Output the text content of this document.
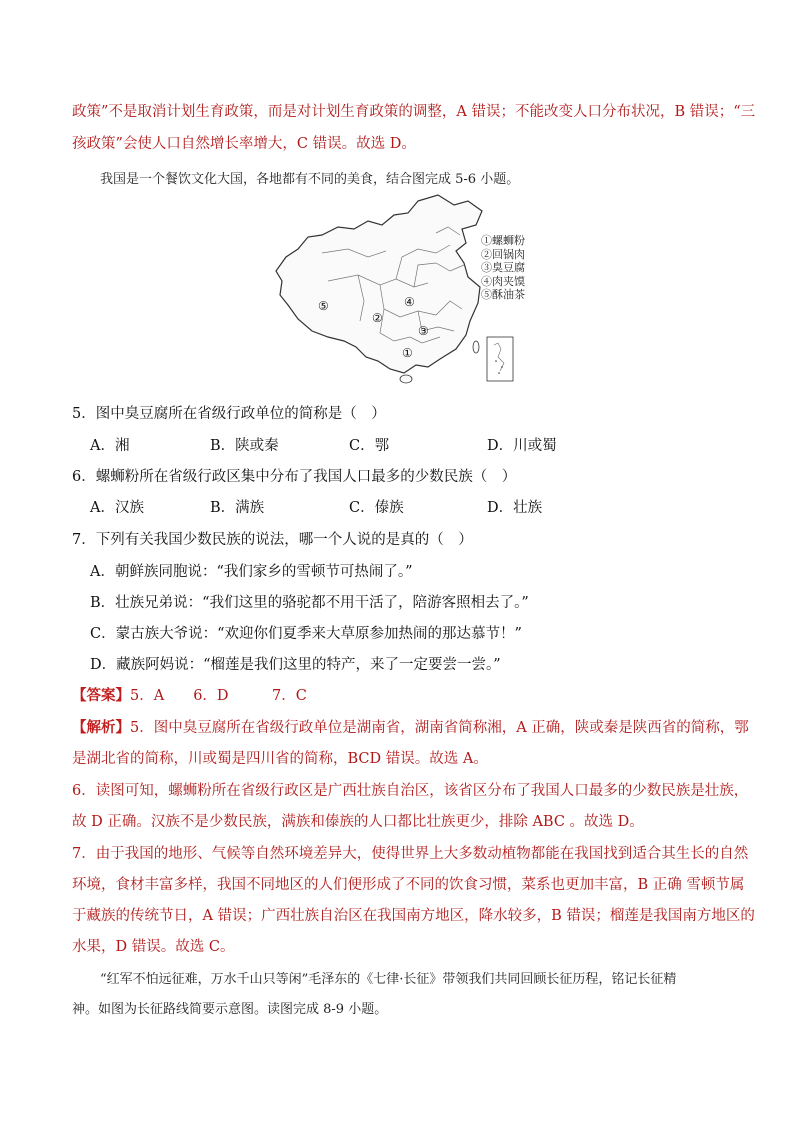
政策”不是取消计划生育政策，而是对计划生育政策的调整，A 错误；不能改变人口分布状况，B 错误；“三
孩政策”会使人口自然增长率增大，C 错误。故选 D。
我国是一个餐饮文化大国，各地都有不同的美食，结合图完成 5-6 小题。
⑤
②
④
③
①
①螺蛳粉
②回锅肉
③臭豆腐
④肉夹馍
⑤酥油茶
5．图中臭豆腐所在省级行政单位的简称是（　）
A．湘	B．陕或秦	C．鄂	D．川或蜀
6．螺蛳粉所在省级行政区集中分布了我国人口最多的少数民族（　）
A．汉族	B．满族	C．傣族	D．壮族
7．下列有关我国少数民族的说法，哪一个人说的是真的（　）
A．朝鲜族同胞说：“我们家乡的雪顿节可热闹了。”
B．壮族兄弟说：“我们这里的骆驼都不用干活了，陪游客照相去了。”
C．蒙古族大爷说：“欢迎你们夏季来大草原参加热闹的那达慕节！”
D．藏族阿妈说：“榴莲是我们这里的特产，来了一定要尝一尝。”
【答案】5．A　　6．D　　　7．C
【解析】5．图中臭豆腐所在省级行政单位是湖南省，湖南省简称湘，A 正确，陕或秦是陕西省的简称，鄂
是湖北省的简称，川或蜀是四川省的简称，BCD 错误。故选 A。
6．读图可知，螺蛳粉所在省级行政区是广西壮族自治区，该省区分布了我国人口最多的少数民族是壮族，
故 D 正确。汉族不是少数民族，满族和傣族的人口都比壮族更少，排除 ABC 。故选 D。
7．由于我国的地形、气候等自然环境差异大，使得世界上大多数动植物都能在我国找到适合其生长的自然
环境，食材丰富多样，我国不同地区的人们便形成了不同的饮食习惯，菜系也更加丰富，B 正确 雪顿节属
于藏族的传统节日，A 错误；广西壮族自治区在我国南方地区，降水较多，B 错误；榴莲是我国南方地区的
水果，D 错误。故选 C。
“红军不怕远征难，万水千山只等闲”毛泽东的《七律·长征》带领我们共同回顾长征历程，铭记长征精
神。如图为长征路线简要示意图。读图完成 8-9 小题。
